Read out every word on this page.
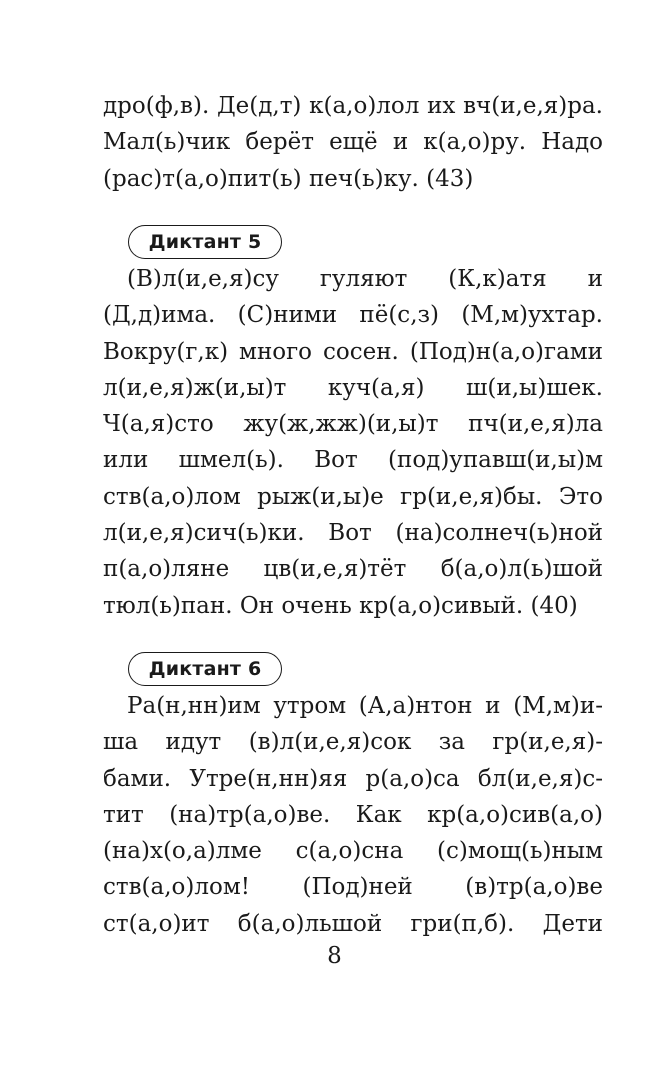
дро(ф,в). Де(д,т) к(а,о)лол их вч(и,е,я)ра.
Мал(ь)чик берёт ещё и к(а,о)ру. Надо
(рас)т(а,о)пит(ь) печ(ь)ку. (43)
Диктант 5
(В)л(и,е,я)су гуляют (К,к)атя и
(Д,д)има. (С)ними пё(с,з) (М,м)ухтар.
Вокру(г,к) много сосен. (Под)н(а,о)гами
л(и,е,я)ж(и,ы)т куч(а,я) ш(и,ы)шек.
Ч(а,я)сто жу(ж,жж)(и,ы)т пч(и,е,я)ла
или шмел(ь). Вот (под)упавш(и,ы)м
ств(а,о)лом рыж(и,ы)е гр(и,е,я)бы. Это
л(и,е,я)сич(ь)ки. Вот (на)солнеч(ь)ной
п(а,о)ляне цв(и,е,я)тёт б(а,о)л(ь)шой
тюл(ь)пан. Он очень кр(а,о)сивый. (40)
Диктант 6
Ра(н,нн)им утром (А,а)нтон и (М,м)и-
ша идут (в)л(и,е,я)сок за гр(и,е,я)-
бами. Утре(н,нн)яя р(а,о)са бл(и,е,я)с-
тит (на)тр(а,о)ве. Как кр(а,о)сив(а,о)
(на)х(о,а)лме с(а,о)сна (с)мощ(ь)ным
ств(а,о)лом! (Под)ней (в)тр(а,о)ве
ст(а,о)ит б(а,о)льшой гри(п,б). Дети
8
